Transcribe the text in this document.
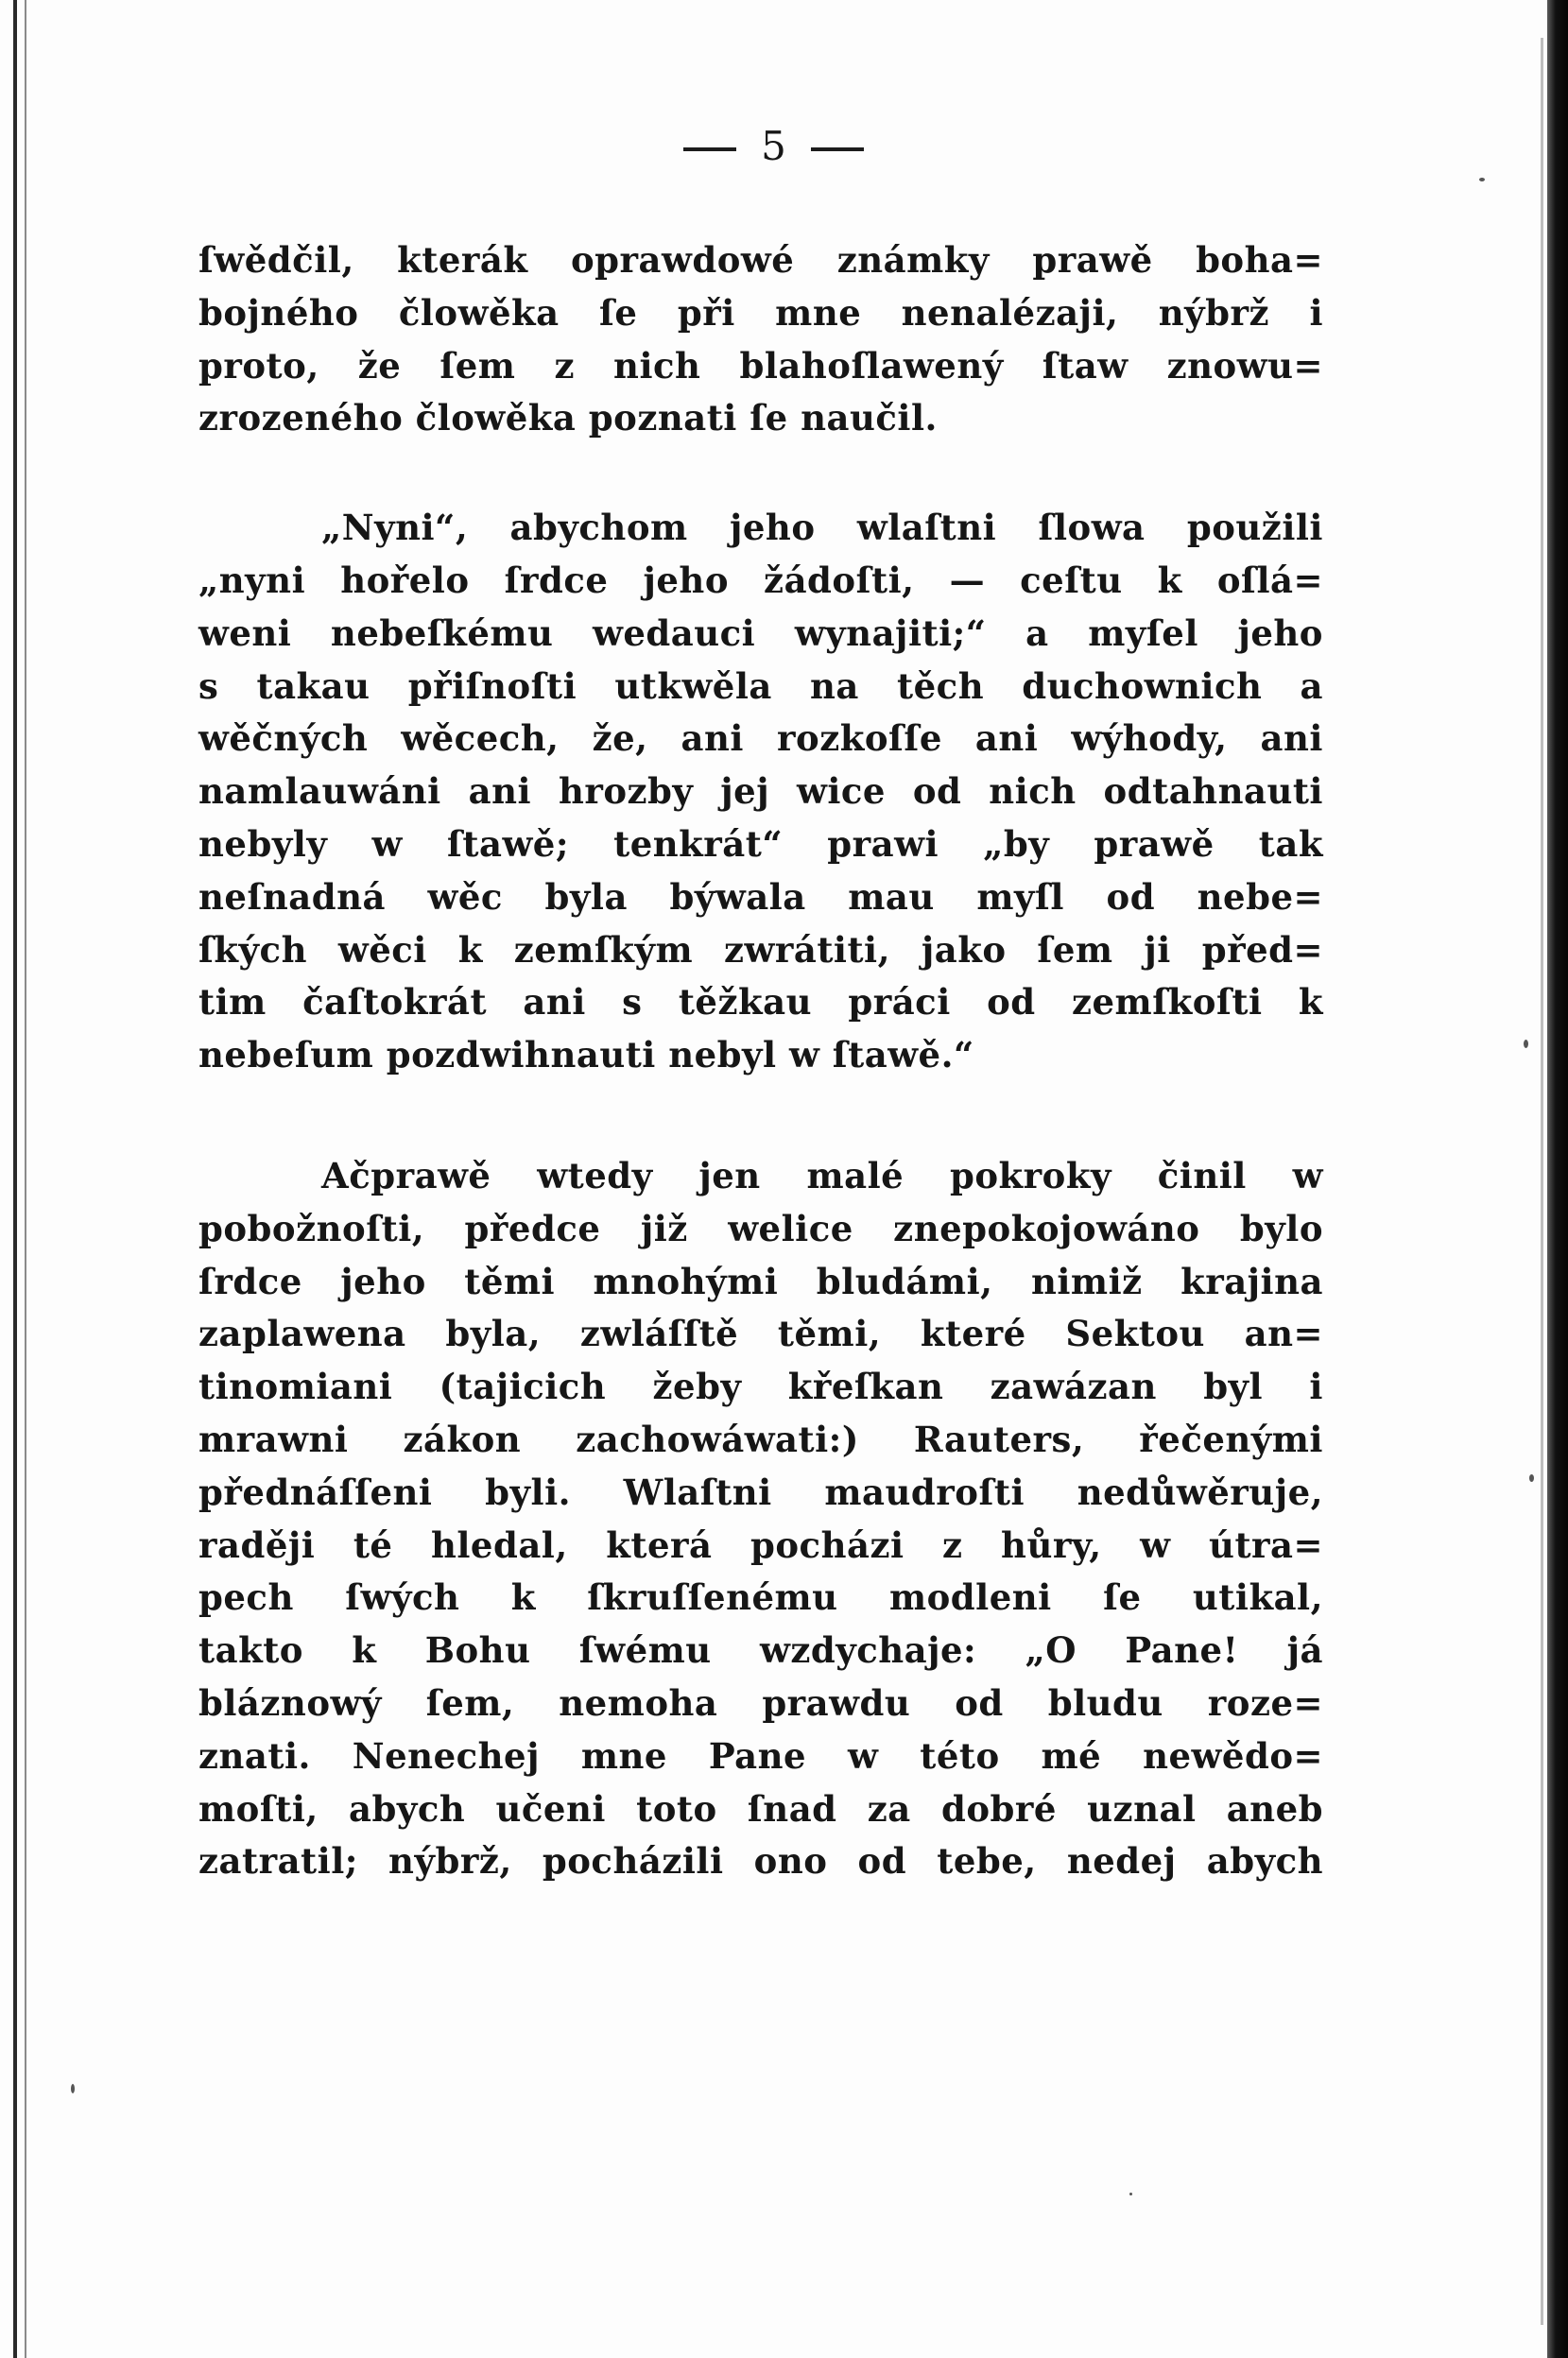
5
ſwědčil, kterák oprawdowé známky prawě boha=
bojného člowěka ſe při mne nenalézaji, nýbrž i
proto, že ſem z nich blahoſlawený ſtaw znowu=
zrozeného člowěka poznati ſe naučil.
„Nyni“, abychom jeho wlaſtni ſlowa použili
„nyni hořelo ſrdce jeho žádoſti, — ceſtu k oſlá=
weni nebeſkému wedauci wynajiti;“ a myſel jeho
s takau přiſnoſti utkwěla na těch duchownich a
wěčných wěcech, že, ani rozkoſſe ani wýhody, ani
namlauwáni ani hrozby jej wice od nich odtahnauti
nebyly w ſtawě; tenkrát“ prawi „by prawě tak
neſnadná wěc byla býwala mau myſl od nebe=
ſkých wěci k zemſkým zwrátiti, jako ſem ji před=
tim čaſtokrát ani s těžkau práci od zemſkoſti k
nebeſum pozdwihnauti nebyl w ſtawě.“
Ačprawě wtedy jen malé pokroky činil w
pobožnoſti, předce již welice znepokojowáno bylo
ſrdce jeho těmi mnohými bludámi, nimiž krajina
zaplawena byla, zwláſſtě těmi, které Sektou an=
tinomiani (tajicich žeby křeſkan zawázan byl i
mrawni zákon zachowáwati:) Rauters, řečenými
přednáſſeni byli. Wlaſtni maudroſti nedůwěruje,
raději té hledal, která pocházi z hůry, w útra=
pech ſwých k ſkruſſenému modleni ſe utikal,
takto k Bohu ſwému wzdychaje: „O Pane! já
bláznowý ſem, nemoha prawdu od bludu roze=
znati. Nenechej mne Pane w této mé newědo=
moſti, abych učeni toto ſnad za dobré uznal aneb
zatratil; nýbrž, pocházili ono od tebe, nedej abych
